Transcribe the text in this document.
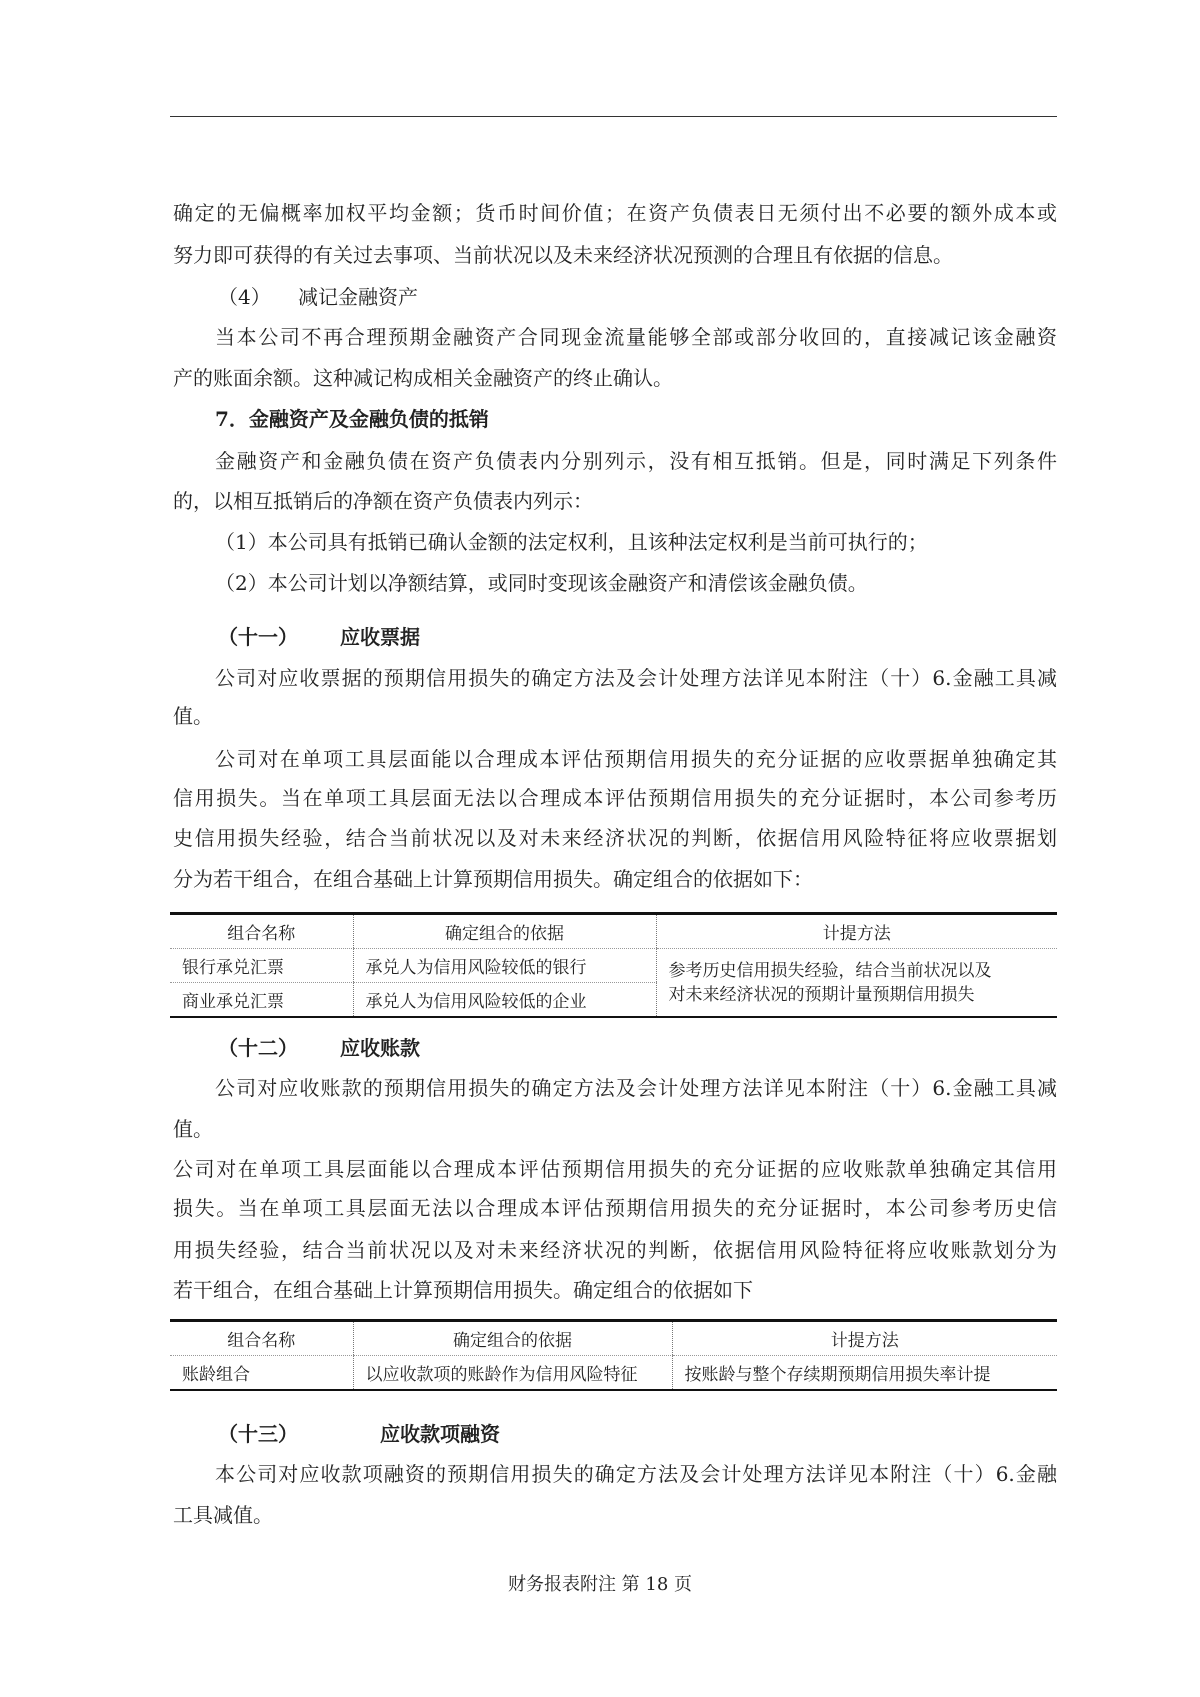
确定的无偏概率加权平均金额；货币时间价值；在资产负债表日无须付出不必要的额外成本或
努力即可获得的有关过去事项、当前状况以及未来经济状况预测的合理且有依据的信息。
（4） 减记金融资产
当本公司不再合理预期金融资产合同现金流量能够全部或部分收回的，直接减记该金融资
产的账面余额。这种减记构成相关金融资产的终止确认。
7．金融资产及金融负债的抵销
金融资产和金融负债在资产负债表内分别列示，没有相互抵销。但是，同时满足下列条件
的，以相互抵销后的净额在资产负债表内列示：
（1）本公司具有抵销已确认金额的法定权利，且该种法定权利是当前可执行的；
（2）本公司计划以净额结算，或同时变现该金融资产和清偿该金融负债。
（十一） 应收票据
公司对应收票据的预期信用损失的确定方法及会计处理方法详见本附注（十）6.金融工具减
值。
公司对在单项工具层面能以合理成本评估预期信用损失的充分证据的应收票据单独确定其
信用损失。当在单项工具层面无法以合理成本评估预期信用损失的充分证据时，本公司参考历
史信用损失经验，结合当前状况以及对未来经济状况的判断，依据信用风险特征将应收票据划
分为若干组合，在组合基础上计算预期信用损失。确定组合的依据如下：
组合名称	确定组合的依据	计提方法
银行承兑汇票	承兑人为信用风险较低的银行	参考历史信用损失经验，结合当前状况以及对未来经济状况的预期计量预期信用损失
商业承兑汇票	承兑人为信用风险较低的企业	
（十二） 应收账款
公司对应收账款的预期信用损失的确定方法及会计处理方法详见本附注（十）6.金融工具减
值。
公司对在单项工具层面能以合理成本评估预期信用损失的充分证据的应收账款单独确定其信用
损失。当在单项工具层面无法以合理成本评估预期信用损失的充分证据时，本公司参考历史信
用损失经验，结合当前状况以及对未来经济状况的判断，依据信用风险特征将应收账款划分为
若干组合，在组合基础上计算预期信用损失。确定组合的依据如下
组合名称	确定组合的依据	计提方法
账龄组合	以应收款项的账龄作为信用风险特征	按账龄与整个存续期预期信用损失率计提
（十三）	应收款项融资
本公司对应收款项融资的预期信用损失的确定方法及会计处理方法详见本附注（十）6.金融
工具减值。
财务报表附注 第 18 页
